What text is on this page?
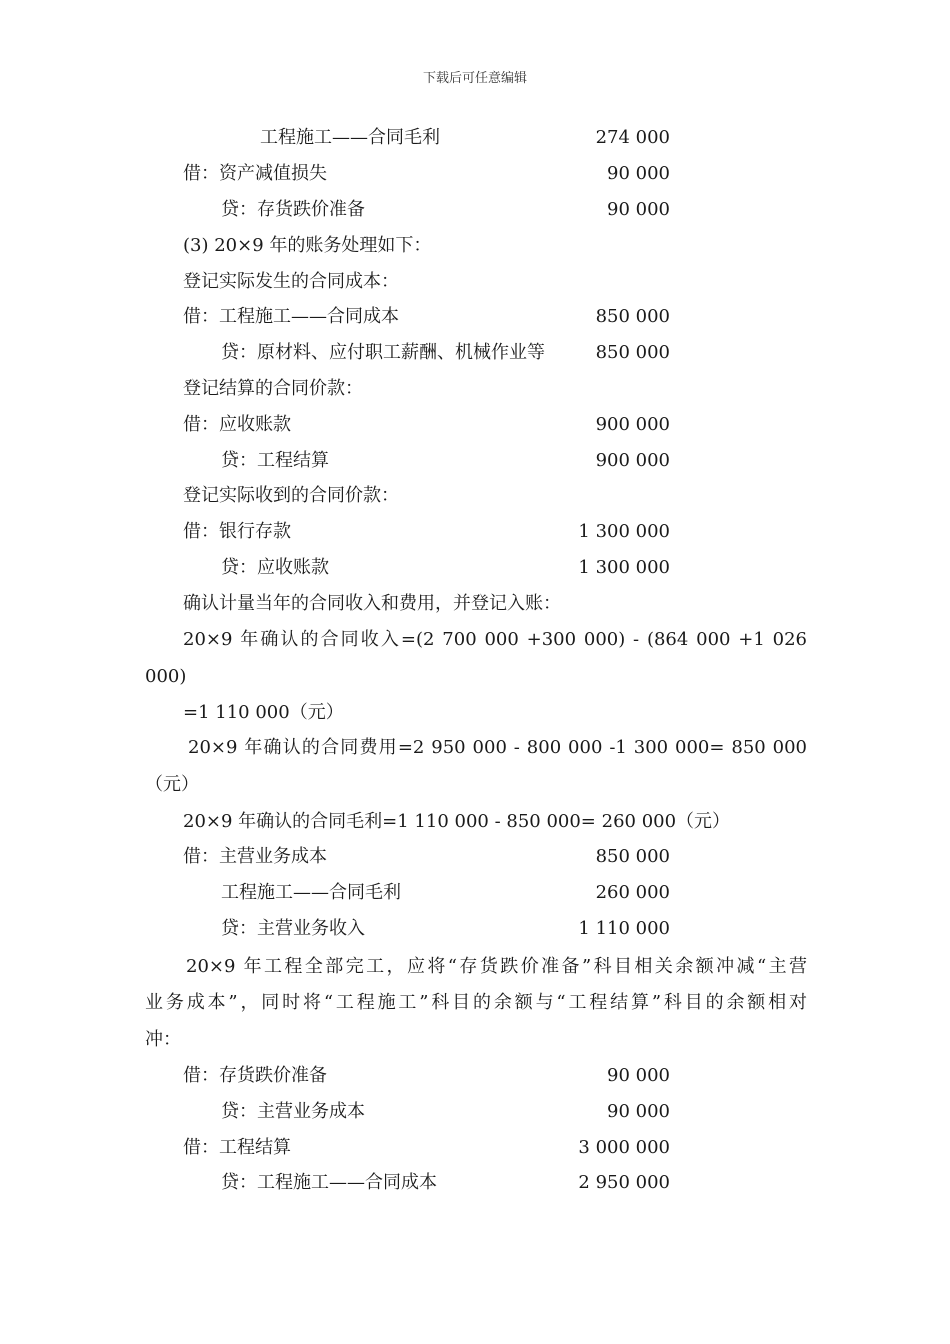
下载后可任意编辑
工程施工——合同毛利	274 000
借：资产减值损失	90 000
贷：存货跌价准备	90 000
(3) 20×9 年的账务处理如下：
登记实际发生的合同成本：
借：工程施工——合同成本	850 000
贷：原材料、应付职工薪酬、机械作业等	850 000
登记结算的合同价款：
借：应收账款	900 000
贷：工程结算	900 000
登记实际收到的合同价款：
借：银行存款	1 300 000
贷：应收账款	1 300 000
确认计量当年的合同收入和费用，并登记入账：
20×9 年确认的合同收入=(2 700 000 +300 000) - (864 000 +1 026
000)
=1 110 000（元）
20×9 年确认的合同费用=2 950 000 - 800 000 -1 300 000= 850 000
（元）
20×9 年确认的合同毛利=1 110 000 - 850 000= 260 000（元）
借：主营业务成本	850 000
工程施工——合同毛利	260 000
贷：主营业务收入	1 110 000
20×9 年工程全部完工，应将“存货跌价准备”科目相关余额冲减“主营
业务成本”，同时将“工程施工”科目的余额与“工程结算”科目的余额相对
冲：
借：存货跌价准备	90 000
贷：主营业务成本	90 000
借：工程结算	3 000 000
贷：工程施工——合同成本	2 950 000
